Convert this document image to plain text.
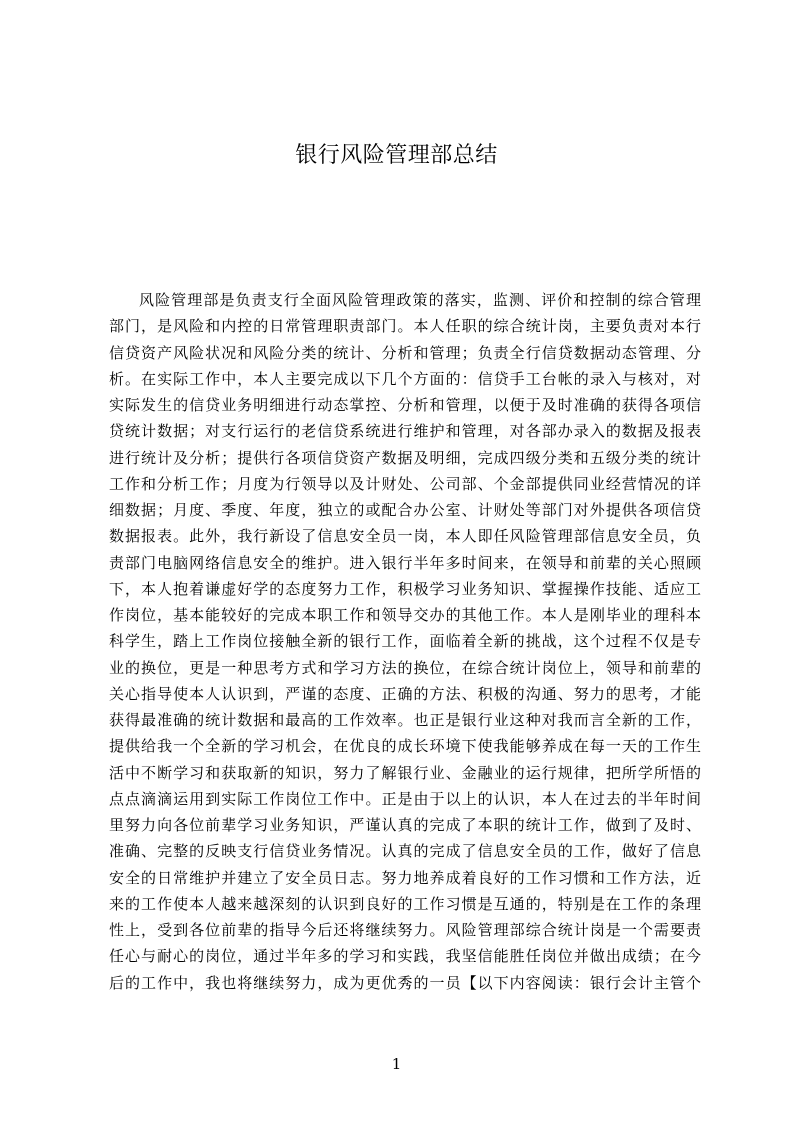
银行风险管理部总结
风险管理部是负责支行全面风险管理政策的落实，监测、评价和控制的综合管理
部门，是风险和内控的日常管理职责部门。本人任职的综合统计岗，主要负责对本行
信贷资产风险状况和风险分类的统计、分析和管理；负责全行信贷数据动态管理、分
析。在实际工作中，本人主要完成以下几个方面的：信贷手工台帐的录入与核对，对
实际发生的信贷业务明细进行动态掌控、分析和管理，以便于及时准确的获得各项信
贷统计数据；对支行运行的老信贷系统进行维护和管理，对各部办录入的数据及报表
进行统计及分析；提供行各项信贷资产数据及明细，完成四级分类和五级分类的统计
工作和分析工作；月度为行领导以及计财处、公司部、个金部提供同业经营情况的详
细数据；月度、季度、年度，独立的或配合办公室、计财处等部门对外提供各项信贷
数据报表。此外，我行新设了信息安全员一岗，本人即任风险管理部信息安全员，负
责部门电脑网络信息安全的维护。进入银行半年多时间来，在领导和前辈的关心照顾
下，本人抱着谦虚好学的态度努力工作，积极学习业务知识、掌握操作技能、适应工
作岗位，基本能较好的完成本职工作和领导交办的其他工作。本人是刚毕业的理科本
科学生，踏上工作岗位接触全新的银行工作，面临着全新的挑战，这个过程不仅是专
业的换位，更是一种思考方式和学习方法的换位，在综合统计岗位上，领导和前辈的
关心指导使本人认识到，严谨的态度、正确的方法、积极的沟通、努力的思考，才能
获得最准确的统计数据和最高的工作效率。也正是银行业这种对我而言全新的工作，
提供给我一个全新的学习机会，在优良的成长环境下使我能够养成在每一天的工作生
活中不断学习和获取新的知识，努力了解银行业、金融业的运行规律，把所学所悟的
点点滴滴运用到实际工作岗位工作中。正是由于以上的认识，本人在过去的半年时间
里努力向各位前辈学习业务知识，严谨认真的完成了本职的统计工作，做到了及时、
准确、完整的反映支行信贷业务情况。认真的完成了信息安全员的工作，做好了信息
安全的日常维护并建立了安全员日志。努力地养成着良好的工作习惯和工作方法，近
来的工作使本人越来越深刻的认识到良好的工作习惯是互通的，特别是在工作的条理
性上，受到各位前辈的指导今后还将继续努力。风险管理部综合统计岗是一个需要责
任心与耐心的岗位，通过半年多的学习和实践，我坚信能胜任岗位并做出成绩；在今
后的工作中，我也将继续努力，成为更优秀的一员【以下内容阅读：银行会计主管个
1
